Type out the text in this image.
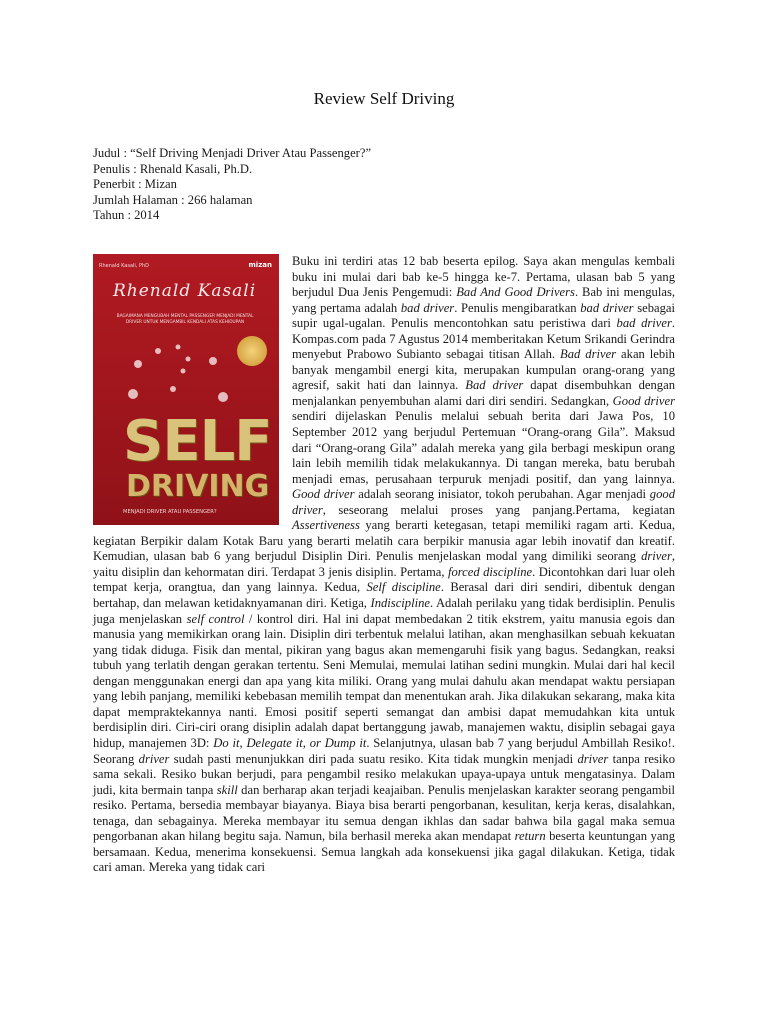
Review Self Driving
Judul : “Self Driving Menjadi Driver Atau Passenger?”
Penulis : Rhenald Kasali, Ph.D.
Penerbit : Mizan
Jumlah Halaman : 266 halaman
Tahun : 2014
Rhenald Kasali, PhD	mizan
Rhenald Kasali
BAGAIMANA MENGUBAH MENTAL PASSENGER MENJADI MENTAL DRIVER UNTUK MENGAMBIL KENDALI ATAS KEHIDUPAN
SELF
DRIVING
MENJADI DRIVER ATAU PASSENGER?
Buku ini terdiri atas 12 bab beserta epilog. Saya akan mengulas kembali buku ini mulai dari bab ke-5 hingga ke-7. Pertama, ulasan bab 5 yang berjudul Dua Jenis Pengemudi: Bad And Good Drivers. Bab ini mengulas, yang pertama adalah bad driver. Penulis mengibaratkan bad driver sebagai supir ugal-ugalan. Penulis mencontohkan satu peristiwa dari bad driver. Kompas.com pada 7 Agustus 2014 memberitakan Ketum Srikandi Gerindra menyebut Prabowo Subianto sebagai titisan Allah. Bad driver akan lebih banyak mengambil energi kita, merupakan kumpulan orang-orang yang agresif, sakit hati dan lainnya. Bad driver dapat disembuhkan dengan menjalankan penyembuhan alami dari diri sendiri. Sedangkan, Good driver sendiri dijelaskan Penulis melalui sebuah berita dari Jawa Pos, 10 September 2012 yang berjudul Pertemuan “Orang-orang Gila”. Maksud dari “Orang-orang Gila” adalah mereka yang gila berbagi meskipun orang lain lebih memilih tidak melakukannya. Di tangan mereka, batu berubah menjadi emas, perusahaan terpuruk menjadi positif, dan yang lainnya. Good driver adalah seorang inisiator, tokoh perubahan. Agar menjadi good driver, seseorang melalui proses yang panjang.Pertama, kegiatan Assertiveness yang berarti ketegasan, tetapi memiliki ragam arti. Kedua, kegiatan Berpikir dalam Kotak Baru yang berarti melatih cara berpikir manusia agar lebih inovatif dan kreatif. Kemudian, ulasan bab 6 yang berjudul Disiplin Diri. Penulis menjelaskan modal yang dimiliki seorang driver, yaitu disiplin dan kehormatan diri. Terdapat 3 jenis disiplin. Pertama, forced discipline. Dicontohkan dari luar oleh tempat kerja, orangtua, dan yang lainnya. Kedua, Self discipline. Berasal dari diri sendiri, dibentuk dengan bertahap, dan melawan ketidaknyamanan diri. Ketiga, Indiscipline. Adalah perilaku yang tidak berdisiplin. Penulis juga menjelaskan self control / kontrol diri. Hal ini dapat membedakan 2 titik ekstrem, yaitu manusia egois dan manusia yang memikirkan orang lain. Disiplin diri terbentuk melalui latihan, akan menghasilkan sebuah kekuatan yang tidak diduga. Fisik dan mental, pikiran yang bagus akan memengaruhi fisik yang bagus. Sedangkan, reaksi tubuh yang terlatih dengan gerakan tertentu. Seni Memulai, memulai latihan sedini mungkin. Mulai dari hal kecil dengan menggunakan energi dan apa yang kita miliki. Orang yang mulai dahulu akan mendapat waktu persiapan yang lebih panjang, memiliki kebebasan memilih tempat dan menentukan arah. Jika dilakukan sekarang, maka kita dapat mempraktekannya nanti. Emosi positif seperti semangat dan ambisi dapat memudahkan kita untuk berdisiplin diri. Ciri-ciri orang disiplin adalah dapat bertanggung jawab, manajemen waktu, disiplin sebagai gaya hidup, manajemen 3D: Do it, Delegate it, or Dump it. Selanjutnya, ulasan bab 7 yang berjudul Ambillah Resiko!. Seorang driver sudah pasti menunjukkan diri pada suatu resiko. Kita tidak mungkin menjadi driver tanpa resiko sama sekali. Resiko bukan berjudi, para pengambil resiko melakukan upaya-upaya untuk mengatasinya. Dalam judi, kita bermain tanpa skill dan berharap akan terjadi keajaiban. Penulis menjelaskan karakter seorang pengambil resiko. Pertama, bersedia membayar biayanya. Biaya bisa berarti pengorbanan, kesulitan, kerja keras, disalahkan, tenaga, dan sebagainya. Mereka membayar itu semua dengan ikhlas dan sadar bahwa bila gagal maka semua pengorbanan akan hilang begitu saja. Namun, bila berhasil mereka akan mendapat return beserta keuntungan yang bersamaan. Kedua, menerima konsekuensi. Semua langkah ada konsekuensi jika gagal dilakukan. Ketiga, tidak cari aman. Mereka yang tidak cari
